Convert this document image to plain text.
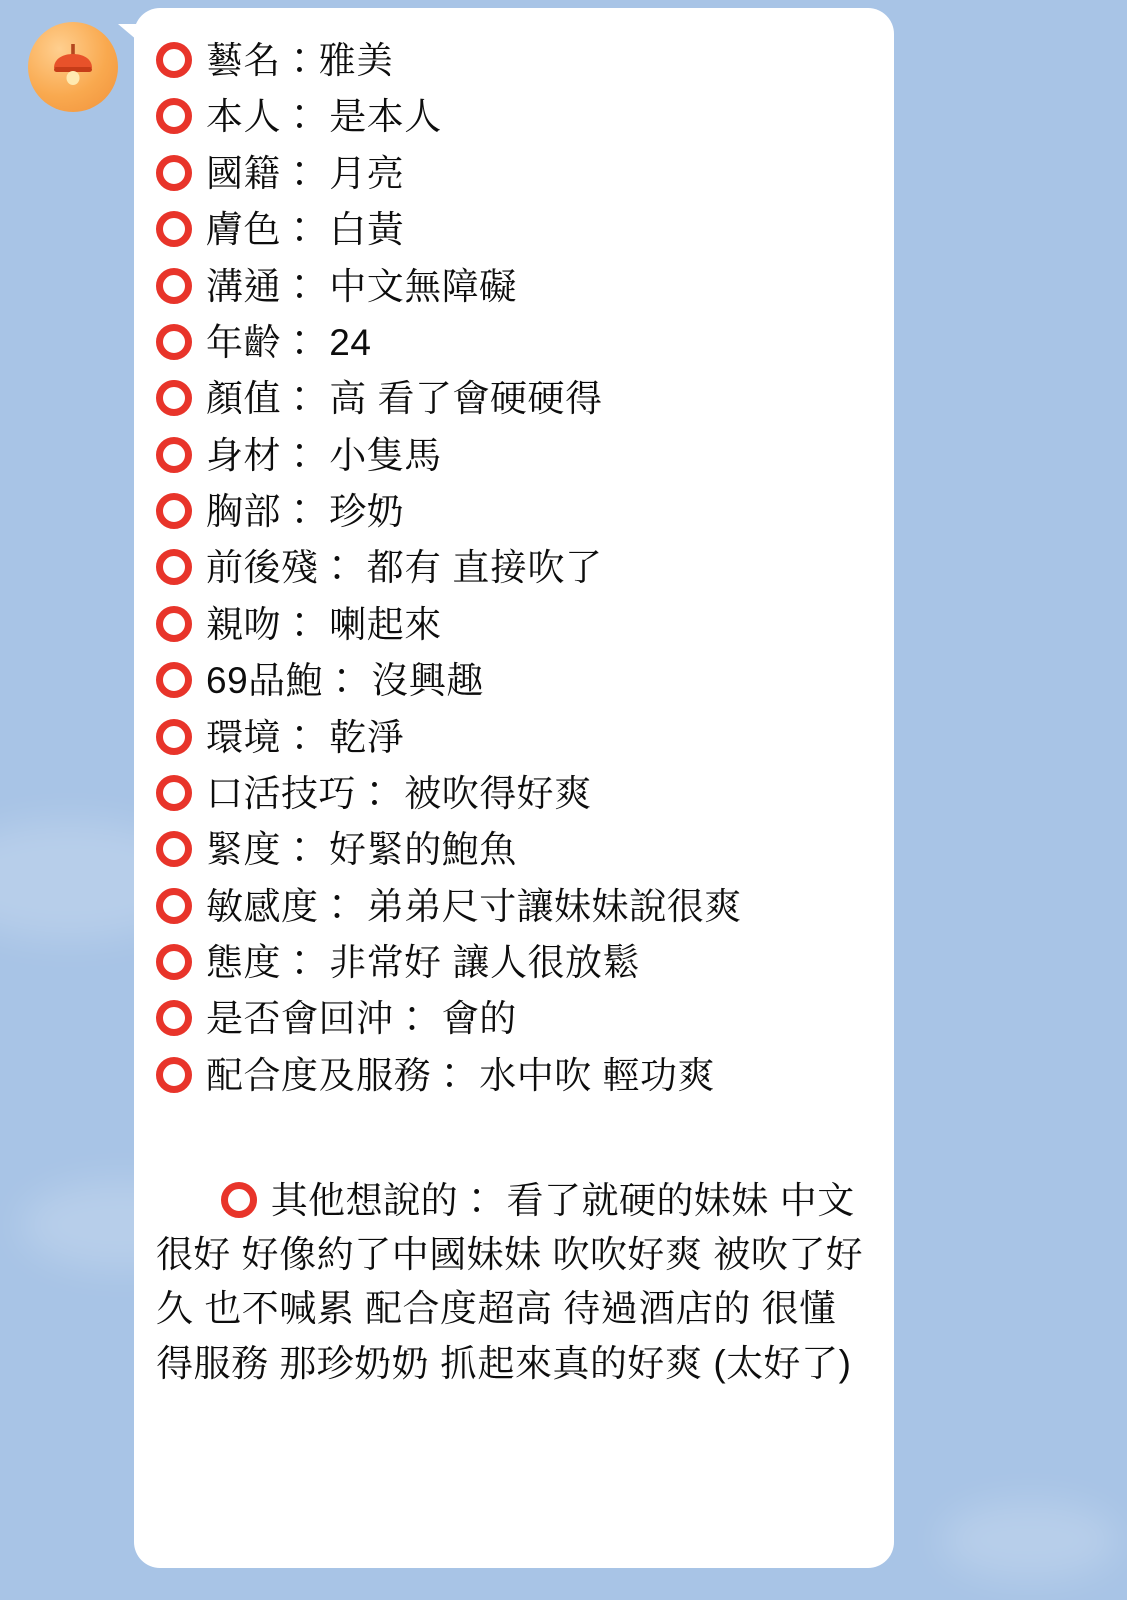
藝名：雅美
本人： 是本人
國籍： 月亮
膚色： 白黃
溝通： 中文無障礙
年齡： 24
顏值： 高 看了會硬硬得
身材： 小隻馬
胸部： 珍奶
前後殘： 都有 直接吹了
親吻： 喇起來
69品鮑： 沒興趣
環境： 乾淨
口活技巧： 被吹得好爽
緊度： 好緊的鮑魚
敏感度： 弟弟尺寸讓妹妹說很爽
態度： 非常好 讓人很放鬆
是否會回沖： 會的
配合度及服務： 水中吹 輕功爽

其他想說的： 看了就硬的妹妹 中文很好 好像約了中國妹妹 吹吹好爽 被吹了好久 也不喊累 配合度超高 待過酒店的 很懂得服務 那珍奶奶 抓起來真的好爽 (太好了)
